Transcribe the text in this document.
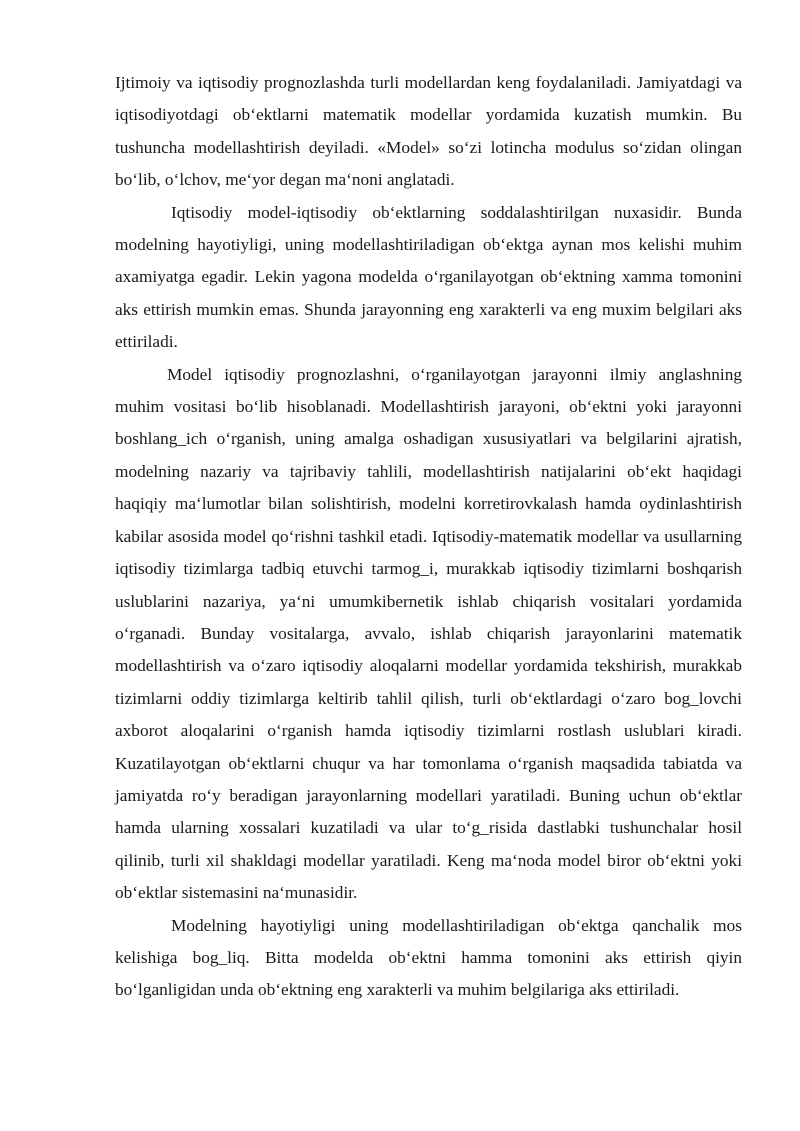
Ijtimoiy va iqtisodiy prognozlashda turli modellardan keng foydalaniladi. Jamiyatdagi va iqtisodiyotdagi ob‘ektlarni matematik modellar yordamida kuzatish mumkin. Bu tushuncha modellashtirish deyiladi. «Model» so‘zi lotincha modulus so‘zidan olingan bo‘lib, o‘lchov, me‘yor degan ma‘noni anglatadi.

Iqtisodiy model-iqtisodiy ob‘ektlarning soddalashtirilgan nuxasidir. Bunda modelning hayotiyligi, uning modellashtiriladigan ob‘ektga aynan mos kelishi muhim axamiyatga egadir. Lekin yagona modelda o‘rganilayotgan ob‘ektning xamma tomonini aks ettirish mumkin emas. Shunda jarayonning eng xarakterli va eng muxim belgilari aks ettiriladi.

Model iqtisodiy prognozlashni, o‘rganilayotgan jarayonni ilmiy anglashning muhim vositasi bo‘lib hisoblanadi. Modellashtirish jarayoni, ob‘ektni yoki jarayonni boshlang_ich o‘rganish, uning amalga oshadigan xususiyatlari va belgilarini ajratish, modelning nazariy va tajribaviy tahlili, modellashtirish natijalarini ob‘ekt haqidagi haqiqiy ma‘lumotlar bilan solishtirish, modelni korretirovkalash hamda oydinlashtirish kabilar asosida model qo‘rishni tashkil etadi. Iqtisodiy-matematik modellar va usullarning iqtisodiy tizimlarga tadbiq etuvchi tarmog_i, murakkab iqtisodiy tizimlarni boshqarish uslublarini nazariya, ya‘ni umumkibernetik ishlab chiqarish vositalari yordamida o‘rganadi. Bunday vositalarga, avvalo, ishlab chiqarish jarayonlarini matematik modellashtirish va o‘zaro iqtisodiy aloqalarni modellar yordamida tekshirish, murakkab tizimlarni oddiy tizimlarga keltirib tahlil qilish, turli ob‘ektlardagi o‘zaro bog_lovchi axborot aloqalarini o‘rganish hamda iqtisodiy tizimlarni rostlash uslublari kiradi. Kuzatilayotgan ob‘ektlarni chuqur va har tomonlama o‘rganish maqsadida tabiatda va jamiyatda ro‘y beradigan jarayonlarning modellari yaratiladi. Buning uchun ob‘ektlar hamda ularning xossalari kuzatiladi va ular to‘g_risida dastlabki tushunchalar hosil qilinib, turli xil shakldagi modellar yaratiladi. Keng ma‘noda model biror ob‘ektni yoki ob‘ektlar sistemasini na‘munasidir.

Modelning hayotiyligi uning modellashtiriladigan ob‘ektga qanchalik mos kelishiga bog_liq. Bitta modelda ob‘ektni hamma tomonini aks ettirish qiyin bo‘lganligidan unda ob‘ektning eng xarakterli va muhim belgilariga aks ettiriladi.
